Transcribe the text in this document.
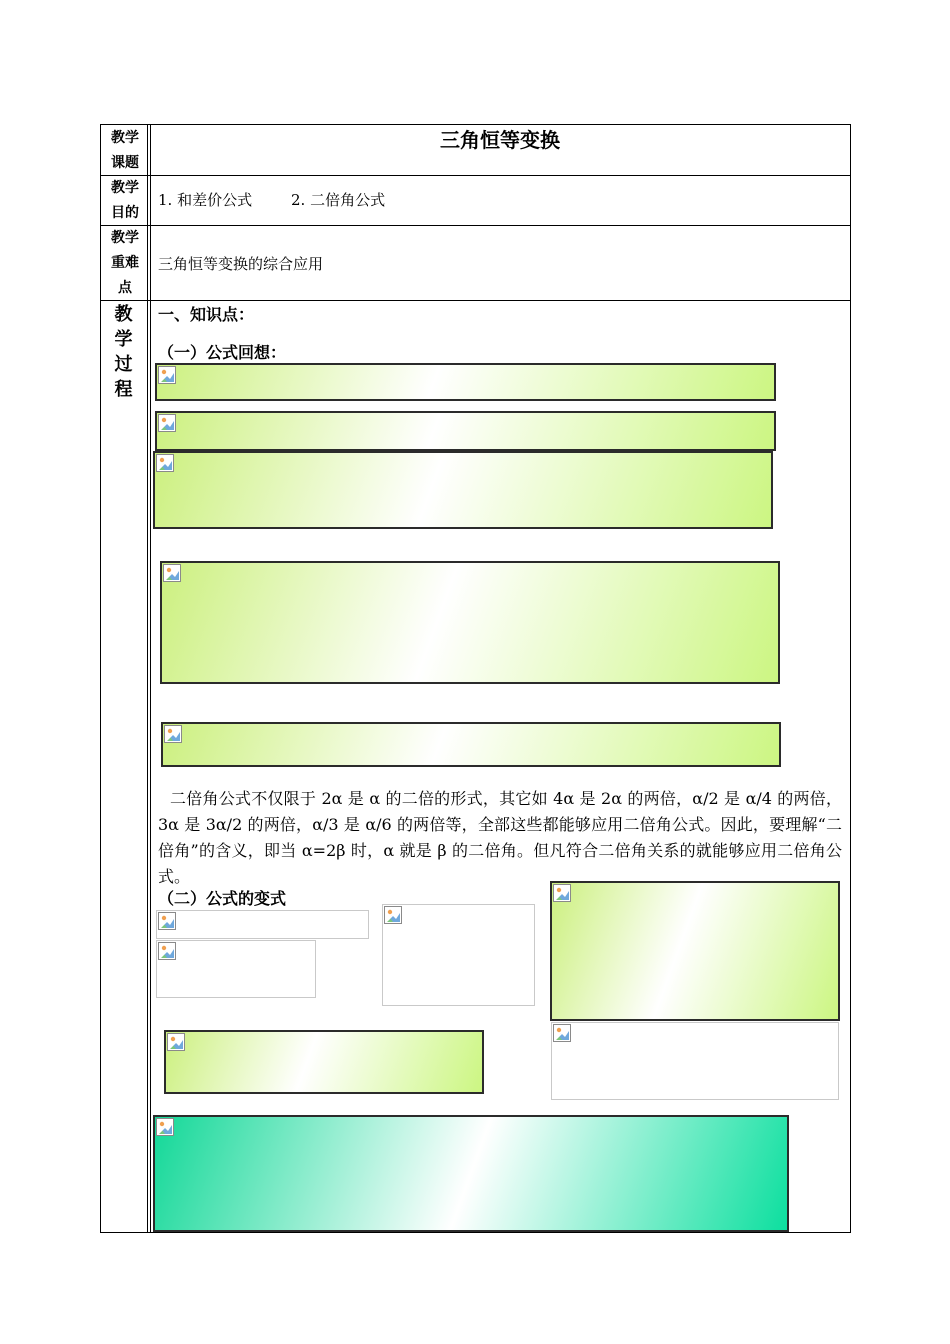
教学
课题
三角恒等变换
教学
目的
1. 和差价公式	2. 二倍角公式
教学
重难
点
三角恒等变换的综合应用
教
学
过
程
一、知识点：
（一）公式回想：
二倍角公式不仅限于 2α 是 α 的二倍的形式，其它如 4α 是 2α 的两倍，α/2 是 α/4 的两倍，3α 是 3α/2 的两倍，α/3 是 α/6 的两倍等，全部这些都能够应用二倍角公式。因此，要理解“二倍角”的含义，即当 α=2β 时，α 就是 β 的二倍角。但凡符合二倍角关系的就能够应用二倍角公式。
（二）公式的变式
